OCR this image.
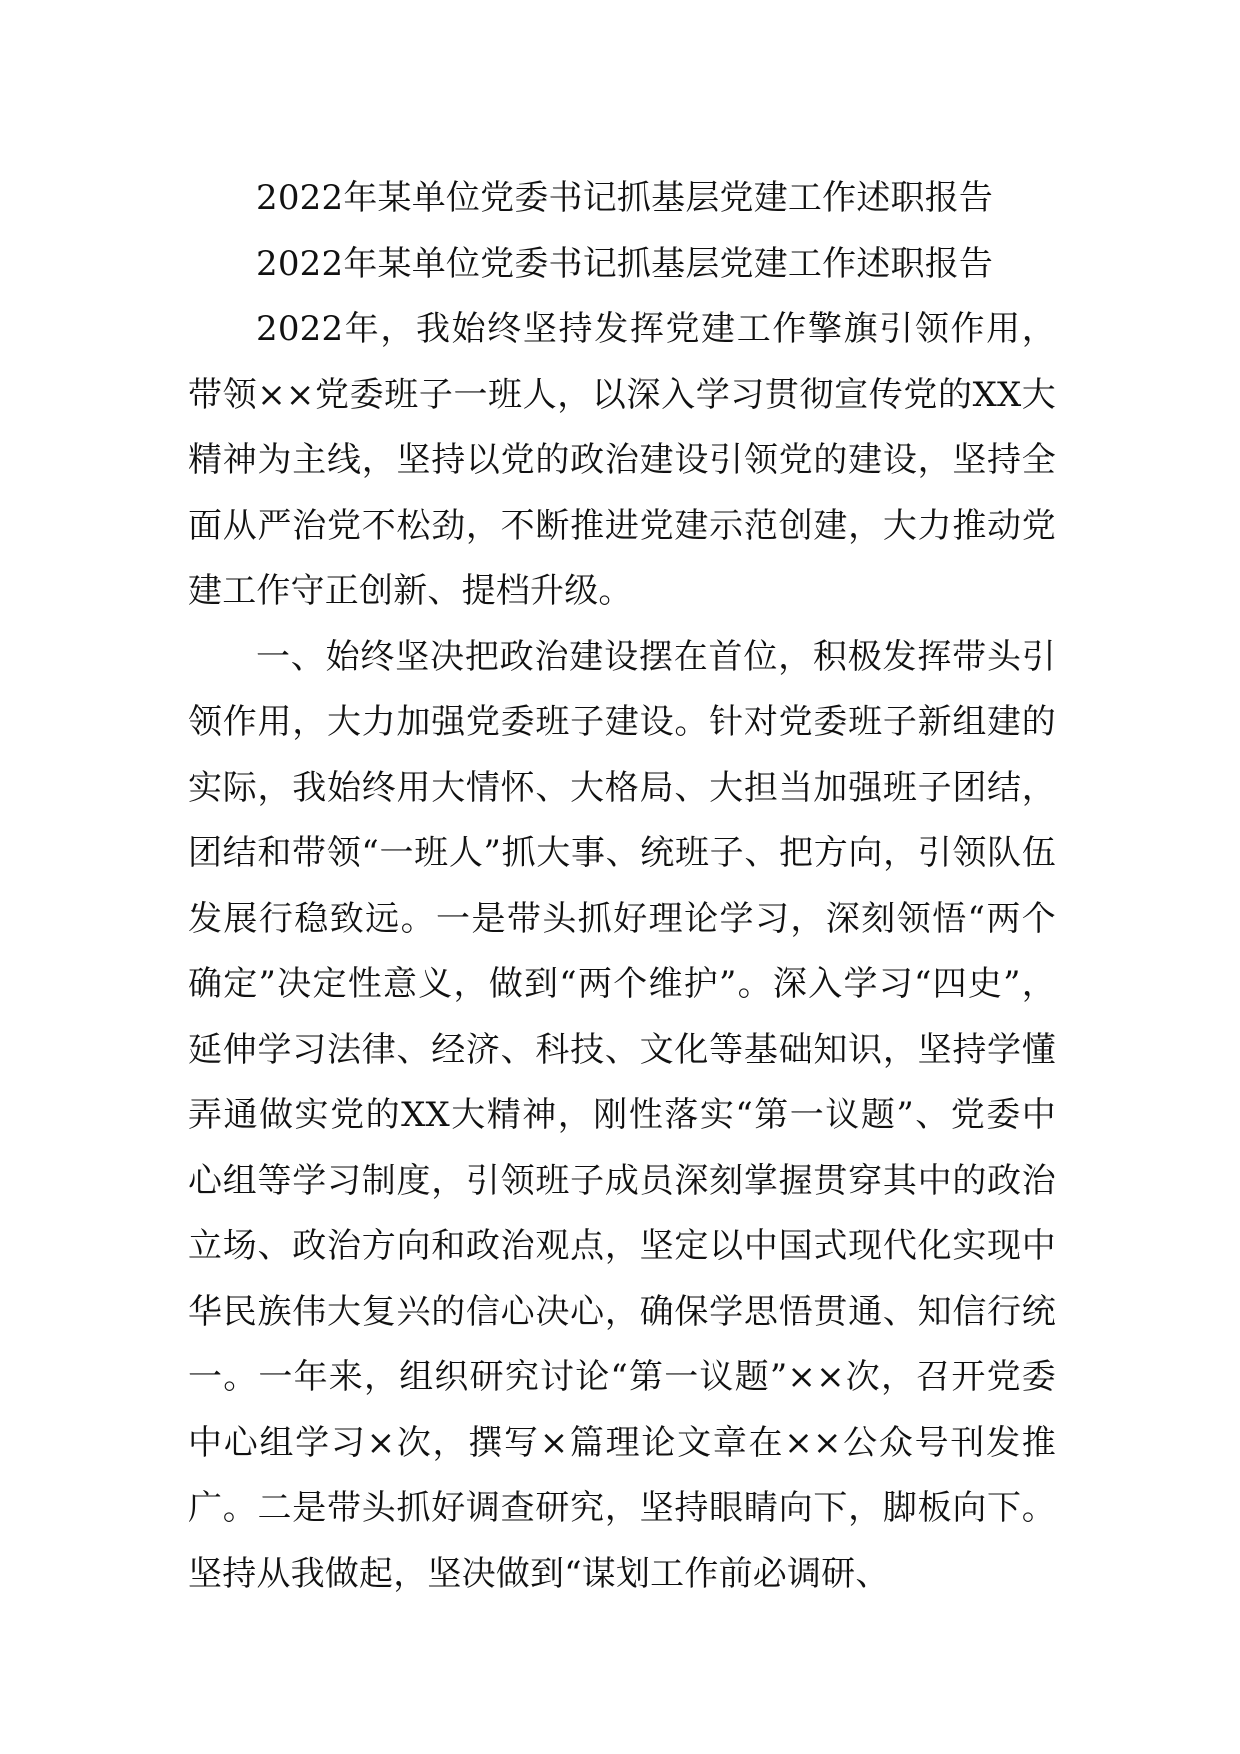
2022年某单位党委书记抓基层党建工作述职报告

2022年某单位党委书记抓基层党建工作述职报告

2022年，我始终坚持发挥党建工作擎旗引领作用，带领××党委班子一班人，以深入学习贯彻宣传党的XX大精神为主线，坚持以党的政治建设引领党的建设，坚持全面从严治党不松劲，不断推进党建示范创建，大力推动党建工作守正创新、提档升级。

一、始终坚决把政治建设摆在首位，积极发挥带头引领作用，大力加强党委班子建设。针对党委班子新组建的实际，我始终用大情怀、大格局、大担当加强班子团结，团结和带领“一班人”抓大事、统班子、把方向，引领队伍发展行稳致远。一是带头抓好理论学习，深刻领悟“两个确定”决定性意义，做到“两个维护”。深入学习“四史”，延伸学习法律、经济、科技、文化等基础知识，坚持学懂弄通做实党的XX大精神，刚性落实“第一议题”、党委中心组等学习制度，引领班子成员深刻掌握贯穿其中的政治立场、政治方向和政治观点，坚定以中国式现代化实现中华民族伟大复兴的信心决心，确保学思悟贯通、知信行统一。一年来，组织研究讨论“第一议题”××次，召开党委中心组学习×次，撰写×篇理论文章在××公众号刊发推广。二是带头抓好调查研究，坚持眼睛向下，脚板向下。坚持从我做起，坚决做到“谋划工作前必调研、
